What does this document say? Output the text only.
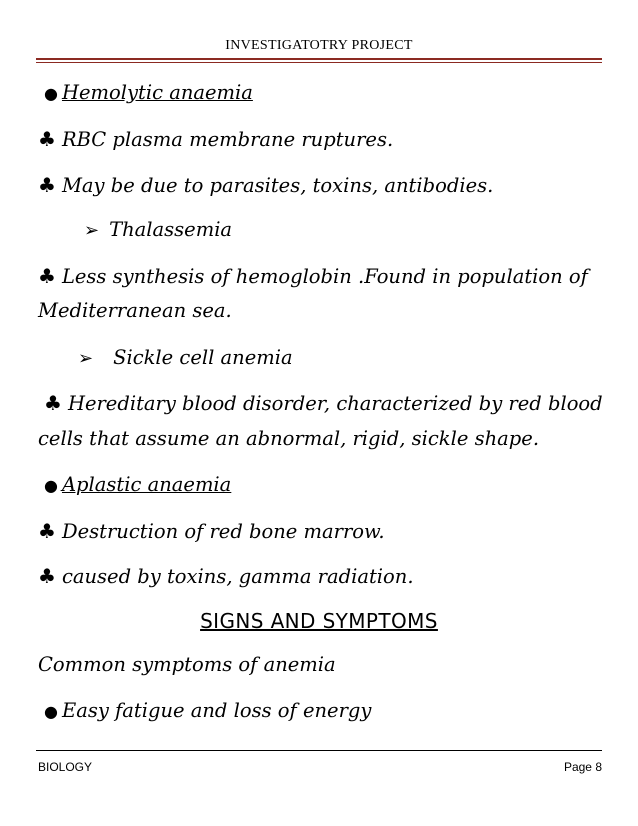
INVESTIGATOTRY PROJECT
● Hemolytic anaemia
♣ RBC plasma membrane ruptures.
♣ May be due to parasites, toxins, antibodies.
➢ Thalassemia
♣ Less synthesis of hemoglobin .Found in population of
Mediterranean sea.
➢ Sickle cell anemia
♣ Hereditary blood disorder, characterized by red blood
cells that assume an abnormal, rigid, sickle shape.
● Aplastic anaemia
♣ Destruction of red bone marrow.
♣ caused by toxins, gamma radiation.
SIGNS AND SYMPTOMS
Common symptoms of anemia
● Easy fatigue and loss of energy
BIOLOGY	Page 8
